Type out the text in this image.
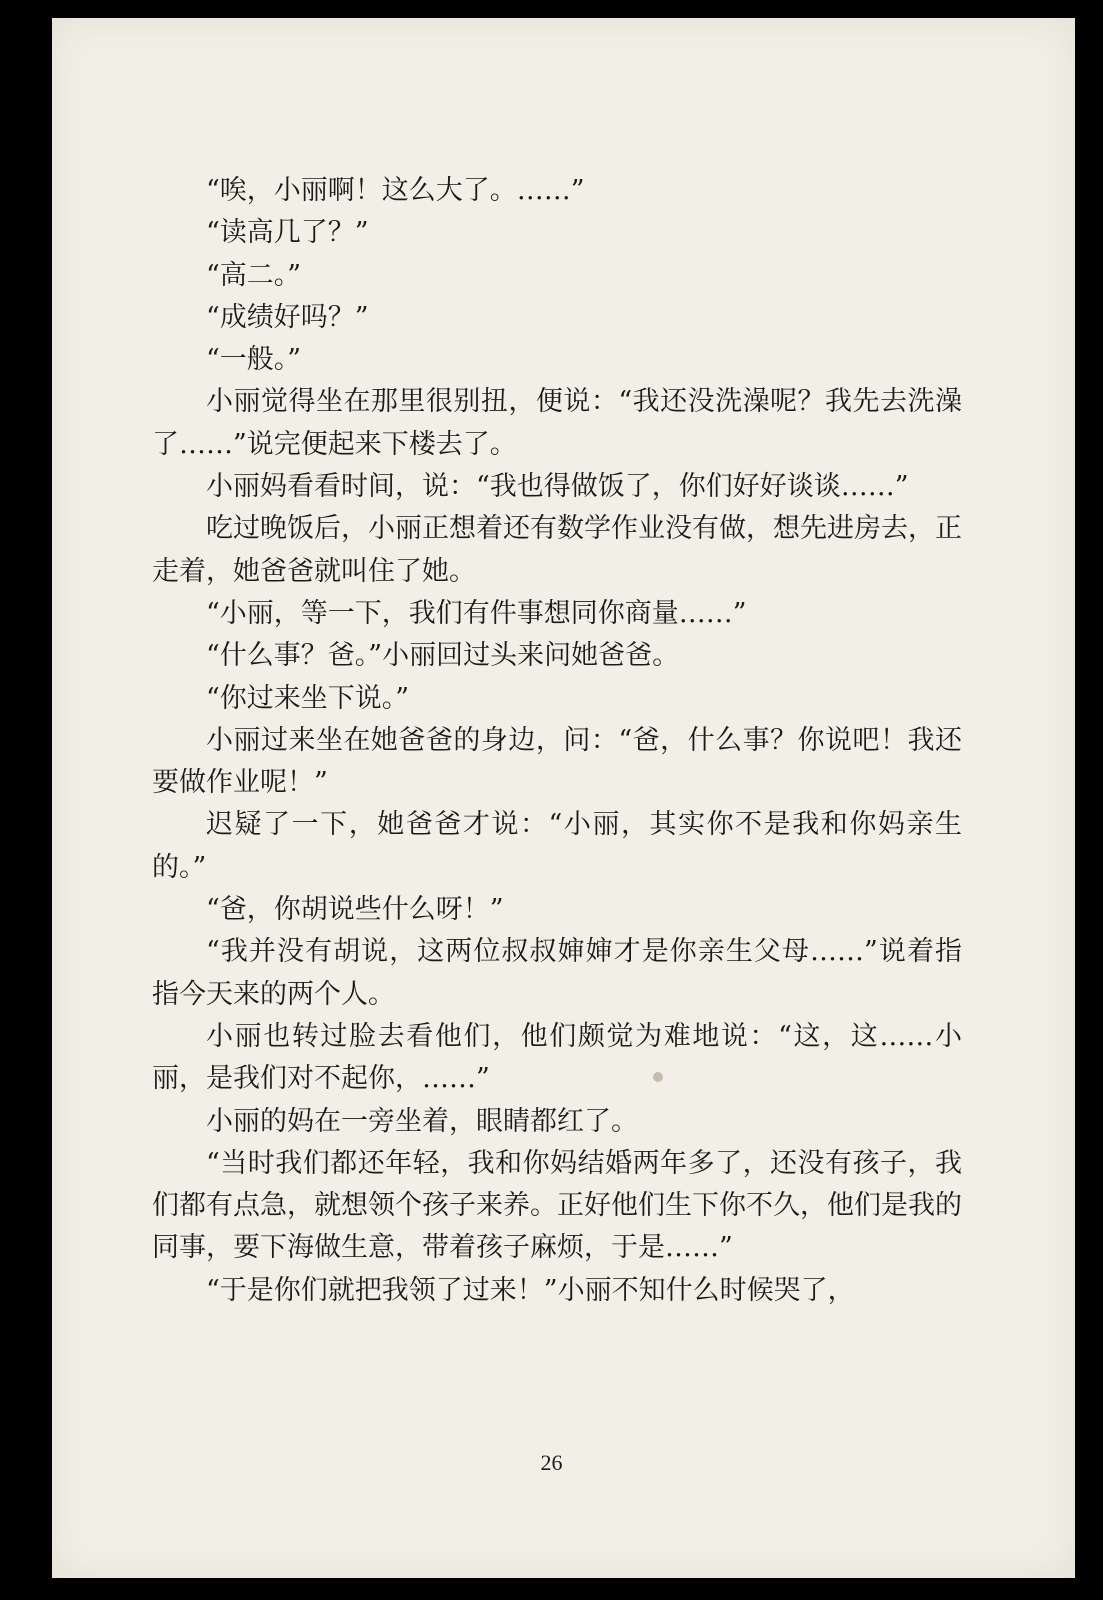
“唉，小丽啊！这么大了。……”

“读高几了？”

“高二。”

“成绩好吗？”

“一般。”

小丽觉得坐在那里很别扭，便说：“我还没洗澡呢？我先去洗澡了……”说完便起来下楼去了。

小丽妈看看时间，说：“我也得做饭了，你们好好谈谈……”

吃过晚饭后，小丽正想着还有数学作业没有做，想先进房去，正走着，她爸爸就叫住了她。

“小丽，等一下，我们有件事想同你商量……”

“什么事？爸。”小丽回过头来问她爸爸。

“你过来坐下说。”

小丽过来坐在她爸爸的身边，问：“爸，什么事？你说吧！我还要做作业呢！”

迟疑了一下，她爸爸才说：“小丽，其实你不是我和你妈亲生的。”

“爸，你胡说些什么呀！”

“我并没有胡说，这两位叔叔婶婶才是你亲生父母……”说着指指今天来的两个人。

小丽也转过脸去看他们，他们颇觉为难地说：“这，这……小丽，是我们对不起你，……”

小丽的妈在一旁坐着，眼睛都红了。

“当时我们都还年轻，我和你妈结婚两年多了，还没有孩子，我们都有点急，就想领个孩子来养。正好他们生下你不久，他们是我的同事，要下海做生意，带着孩子麻烦，于是……”

“于是你们就把我领了过来！”小丽不知什么时候哭了，

26
